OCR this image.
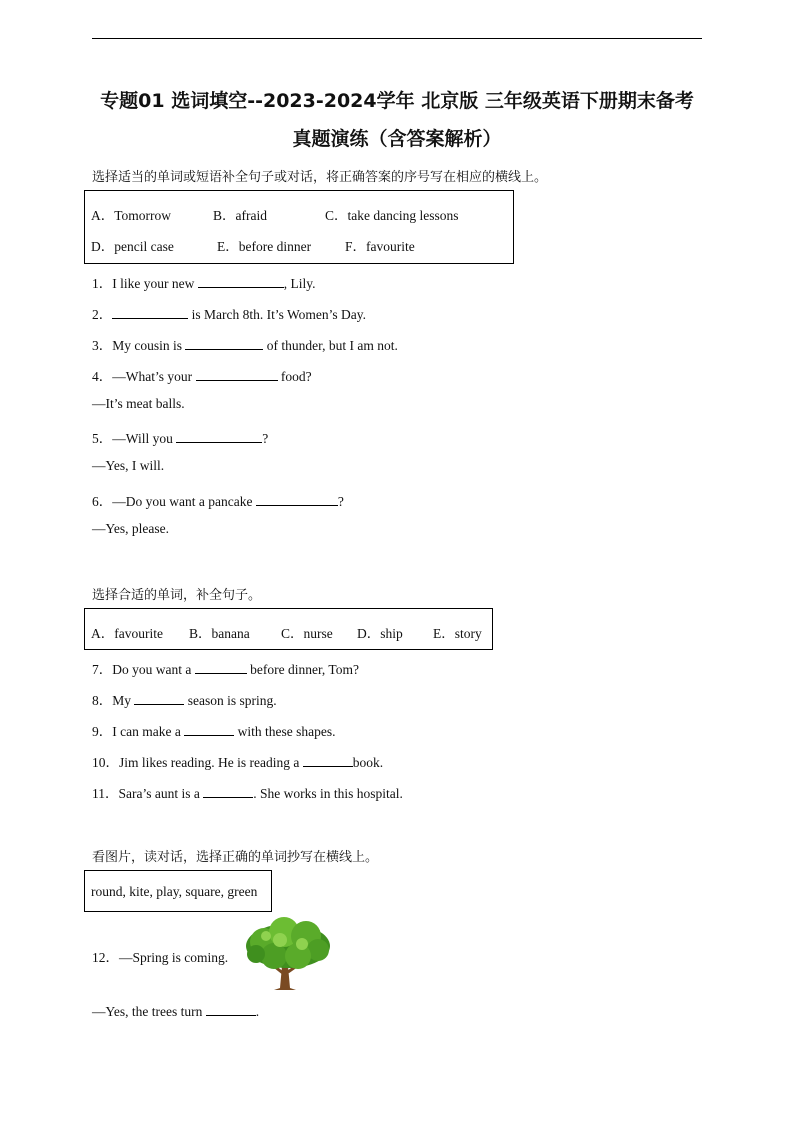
专题01 选词填空--2023-2024学年 北京版 三年级英语下册期末备考
真题演练（含答案解析）
选择适当的单词或短语补全句子或对话，将正确答案的序号写在相应的横线上。
A．Tomorrow	B．afraid	C．take dancing lessons
D．pencil case	E．before dinner	F．favourite
1．I like your new	, Lily.
2．	is March 8th. It’s Women’s Day.
3．My cousin is	of thunder, but I am not.
4．—What’s your	food?
—It’s meat balls.
5．—Will you	?
—Yes, I will.
6．—Do you want a pancake	?
—Yes, please.
选择合适的单词，补全句子。
A．favourite B．banana C．nurse D．ship E．story
7．Do you want a	before dinner, Tom?
8．My	season is spring.
9．I can make a	with these shapes.
10．Jim likes reading. He is reading a	book.
11．Sara’s aunt is a	. She works in this hospital.
看图片，读对话，选择正确的单词抄写在横线上。
round, kite, play, square, green
12．—Spring is coming.
—Yes, the trees turn	.
